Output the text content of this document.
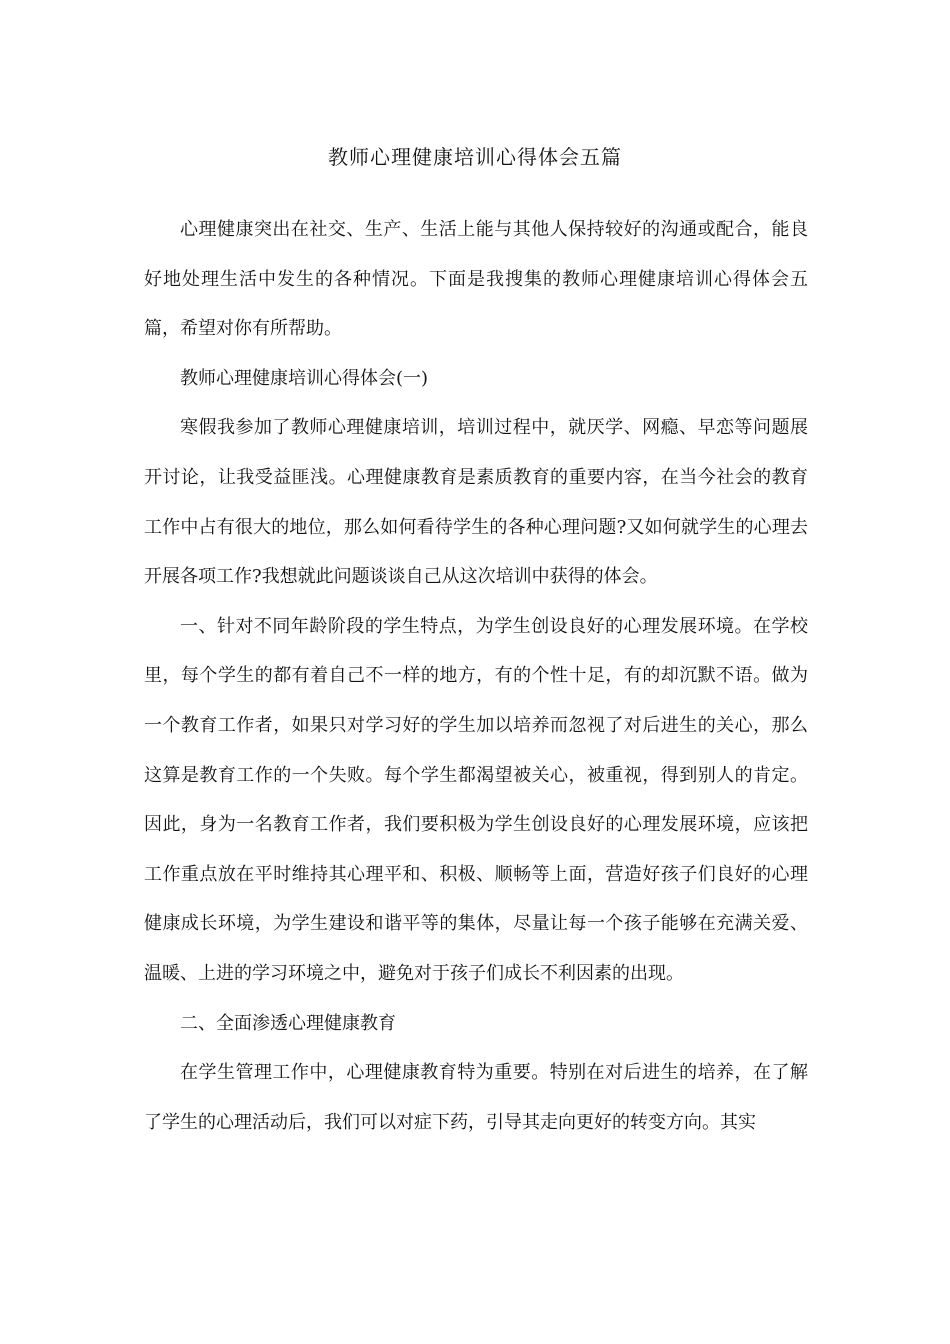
教师心理健康培训心得体会五篇

心理健康突出在社交、生产、生活上能与其他人保持较好的沟通或配合，能良好地处理生活中发生的各种情况。下面是我搜集的教师心理健康培训心得体会五篇，希望对你有所帮助。

教师心理健康培训心得体会(一)

寒假我参加了教师心理健康培训，培训过程中，就厌学、网瘾、早恋等问题展开讨论，让我受益匪浅。心理健康教育是素质教育的重要内容，在当今社会的教育工作中占有很大的地位，那么如何看待学生的各种心理问题?又如何就学生的心理去开展各项工作?我想就此问题谈谈自己从这次培训中获得的体会。

一、针对不同年龄阶段的学生特点，为学生创设良好的心理发展环境。在学校里，每个学生的都有着自己不一样的地方，有的个性十足，有的却沉默不语。做为一个教育工作者，如果只对学习好的学生加以培养而忽视了对后进生的关心，那么这算是教育工作的一个失败。每个学生都渴望被关心，被重视，得到别人的肯定。因此，身为一名教育工作者，我们要积极为学生创设良好的心理发展环境，应该把工作重点放在平时维持其心理平和、积极、顺畅等上面，营造好孩子们良好的心理健康成长环境，为学生建设和谐平等的集体，尽量让每一个孩子能够在充满关爱、温暖、上进的学习环境之中，避免对于孩子们成长不利因素的出现。

二、全面渗透心理健康教育

在学生管理工作中，心理健康教育特为重要。特别在对后进生的培养，在了解了学生的心理活动后，我们可以对症下药，引导其走向更好的转变方向。其实
